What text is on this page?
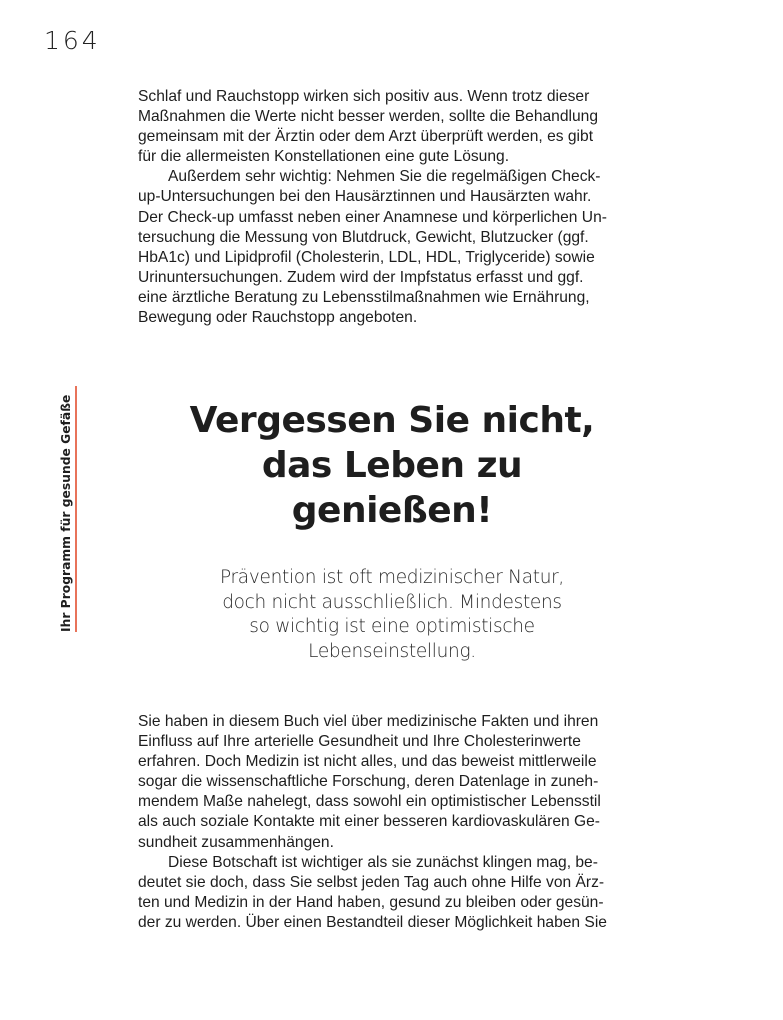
164
Ihr Programm für gesunde Gefäße

Schlaf und Rauchstopp wirken sich positiv aus. Wenn trotz dieser
Maßnahmen die Werte nicht besser werden, sollte die Behandlung
gemeinsam mit der Ärztin oder dem Arzt überprüft werden, es gibt
für die allermeisten Konstellationen eine gute Lösung.

Außerdem sehr wichtig: Nehmen Sie die regelmäßigen Check-
up-Untersuchungen bei den Hausärztinnen und Hausärzten wahr.
Der Check-up umfasst neben einer Anamnese und körperlichen Un-
tersuchung die Messung von Blutdruck, Gewicht, Blutzucker (ggf.
HbA1c) und Lipidprofil (Cholesterin, LDL, HDL, Triglyceride) sowie
Urinuntersuchungen. Zudem wird der Impfstatus erfasst und ggf.
eine ärztliche Beratung zu Lebensstilmaßnahmen wie Ernährung,
Bewegung oder Rauchstopp angeboten.

Vergessen Sie nicht,
das Leben zu
genießen!
Prävention ist oft medizinischer Natur,
doch nicht ausschließlich. Mindestens
so wichtig ist eine optimistische
Lebenseinstellung.

Sie haben in diesem Buch viel über medizinische Fakten und ihren
Einfluss auf Ihre arterielle Gesundheit und Ihre Cholesterinwerte
erfahren. Doch Medizin ist nicht alles, und das beweist mittlerweile
sogar die wissenschaftliche Forschung, deren Datenlage in zuneh-
mendem Maße nahelegt, dass sowohl ein optimistischer Lebensstil
als auch soziale Kontakte mit einer besseren kardiovaskulären Ge-
sundheit zusammenhängen.

Diese Botschaft ist wichtiger als sie zunächst klingen mag, be-
deutet sie doch, dass Sie selbst jeden Tag auch ohne Hilfe von Ärz-
ten und Medizin in der Hand haben, gesund zu bleiben oder gesün-
der zu werden. Über einen Bestandteil dieser Möglichkeit haben Sie
